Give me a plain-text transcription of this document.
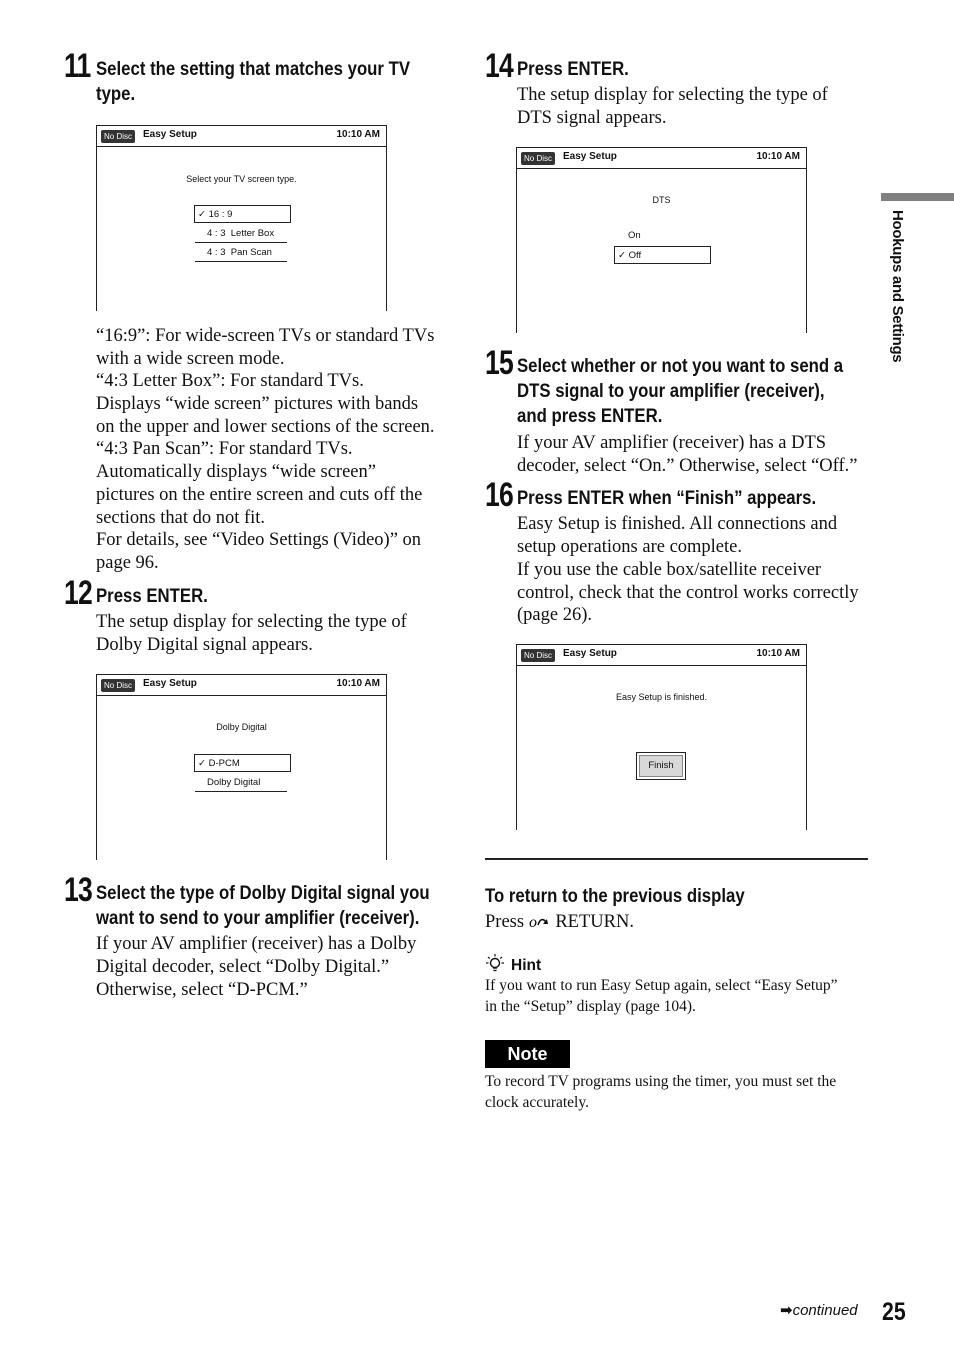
Hookups and Settings
11 Select the setting that matches your TV
type.
No Disc	Easy Setup	10:10 AM
Select your TV screen type.
✓ 16 : 9
4 : 3  Letter Box
4 : 3  Pan Scan
“16:9”: For wide-screen TVs or standard TVs
with a wide screen mode.
“4:3 Letter Box”: For standard TVs.
Displays “wide screen” pictures with bands
on the upper and lower sections of the screen.
“4:3 Pan Scan”: For standard TVs.
Automatically displays “wide screen”
pictures on the entire screen and cuts off the
sections that do not fit.
For details, see “Video Settings (Video)” on
page 96.
12 Press ENTER.
The setup display for selecting the type of
Dolby Digital signal appears.
No Disc	Easy Setup	10:10 AM
Dolby Digital
✓ D-PCM
Dolby Digital
13 Select the type of Dolby Digital signal you
want to send to your amplifier (receiver).
If your AV amplifier (receiver) has a Dolby
Digital decoder, select “Dolby Digital.”
Otherwise, select “D-PCM.”
14 Press ENTER.
The setup display for selecting the type of
DTS signal appears.
No Disc	Easy Setup	10:10 AM
DTS
On
✓ Off
15 Select whether or not you want to send a
DTS signal to your amplifier (receiver),
and press ENTER.
If your AV amplifier (receiver) has a DTS
decoder, select “On.” Otherwise, select “Off.”
16 Press ENTER when “Finish” appears.
Easy Setup is finished. All connections and
setup operations are complete.
If you use the cable box/satellite receiver
control, check that the control works correctly
(page 26).
No Disc	Easy Setup	10:10 AM
Easy Setup is finished.
Finish
To return to the previous display
Press o RETURN.
Hint
If you want to run Easy Setup again, select “Easy Setup”
in the “Setup” display (page 104).
Note
To record TV programs using the timer, you must set the
clock accurately.
➡continued 25
